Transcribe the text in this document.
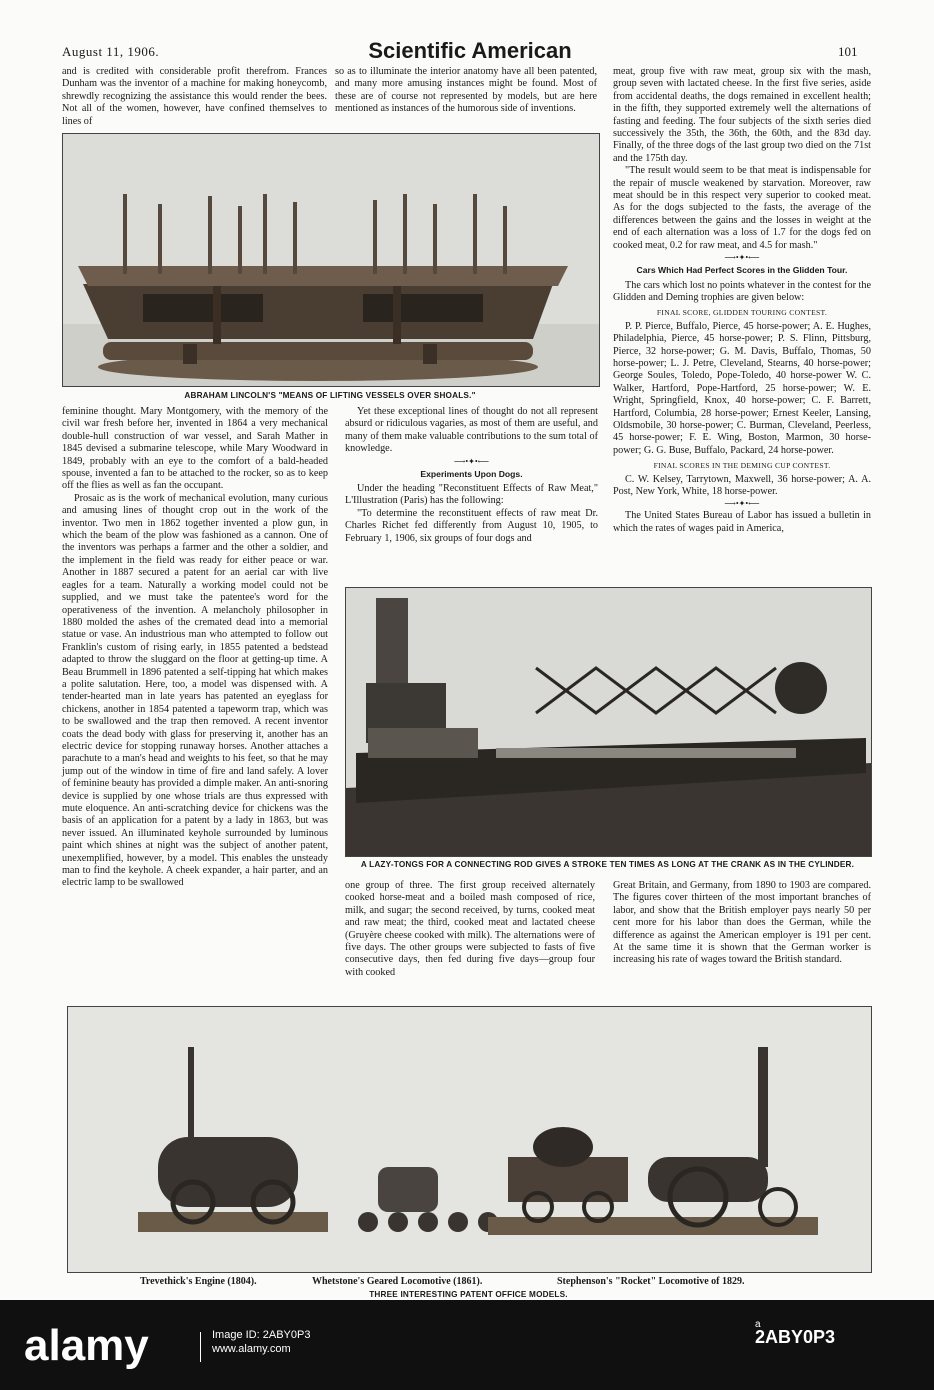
August 11, 1906.	Scientific American	101

and is credited with considerable profit therefrom. Frances Dunham was the inventor of a machine for making honeycomb, shrewdly recognizing the assistance this would render the bees. Not all of the women, however, have confined themselves to lines of

so as to illuminate the interior anatomy have all been patented, and many more amusing instances might be found. Most of these are of course not represented by models, but are here mentioned as instances of the humorous side of inventions.

ABRAHAM LINCOLN'S "MEANS OF LIFTING VESSELS OVER SHOALS."

feminine thought. Mary Montgomery, with the memory of the civil war fresh before her, invented in 1864 a very mechanical double-hull construction of war vessel, and Sarah Mather in 1845 devised a submarine telescope, while Mary Woodward in 1849, probably with an eye to the comfort of a bald-headed spouse, invented a fan to be attached to the rocker, so as to keep off the flies as well as fan the occupant.

Prosaic as is the work of mechanical evolution, many curious and amusing lines of thought crop out in the work of the inventor. Two men in 1862 together invented a plow gun, in which the beam of the plow was fashioned as a cannon. One of the inventors was perhaps a farmer and the other a soldier, and the implement in the field was ready for either peace or war. Another in 1887 secured a patent for an aerial car with live eagles for a team. Naturally a working model could not be supplied, and we must take the patentee's word for the operativeness of the invention. A melancholy philosopher in 1880 molded the ashes of the cremated dead into a memorial statue or vase. An industrious man who attempted to follow out Franklin's custom of rising early, in 1855 patented a bedstead adapted to throw the sluggard on the floor at getting-up time. A Beau Brummell in 1896 patented a self-tipping hat which makes a polite salutation. Here, too, a model was dispensed with. A tender-hearted man in late years has patented an eyeglass for chickens, another in 1854 patented a tapeworm trap, which was to be swallowed and the trap then removed. A recent inventor coats the dead body with glass for preserving it, another has an electric device for stopping runaway horses. Another attaches a parachute to a man's head and weights to his feet, so that he may jump out of the window in time of fire and land safely. A lover of feminine beauty has provided a dimple maker. An anti-snoring device is supplied by one whose trials are thus expressed with mute eloquence. An anti-scratching device for chickens was the basis of an application for a patent by a lady in 1863, but was never issued. An illuminated keyhole surrounded by luminous paint which shines at night was the subject of another patent, unexemplified, however, by a model. This enables the unsteady man to find the keyhole. A cheek expander, a hair parter, and an electric lamp to be swallowed

Yet these exceptional lines of thought do not all represent absurd or ridiculous vagaries, as most of them are useful, and many of them make valuable contributions to the sum total of knowledge.

⟶•✦•⟵
Experiments Upon Dogs.

Under the heading "Reconstituent Effects of Raw Meat," L'Illustration (Paris) has the following:

"To determine the reconstituent effects of raw meat Dr. Charles Richet fed differently from August 10, 1905, to February 1, 1906, six groups of four dogs and

meat, group five with raw meat, group six with the mash, group seven with lactated cheese. In the first five series, aside from accidental deaths, the dogs remained in excellent health; in the fifth, they supported extremely well the alternations of fasting and feeding. The four subjects of the sixth series died successively the 35th, the 36th, the 60th, and the 83d day. Finally, of the three dogs of the last group two died on the 71st and the 175th day.

"The result would seem to be that meat is indispensable for the repair of muscle weakened by starvation. Moreover, raw meat should be in this respect very superior to cooked meat. As for the dogs subjected to the fasts, the average of the differences between the gains and the losses in weight at the end of each alternation was a loss of 1.7 for the dogs fed on cooked meat, 0.2 for raw meat, and 4.5 for mash."

⟶•✦•⟵
Cars Which Had Perfect Scores in the Glidden Tour.

The cars which lost no points whatever in the contest for the Glidden and Deming trophies are given below:

FINAL SCORE, GLIDDEN TOURING CONTEST.

P. P. Pierce, Buffalo, Pierce, 45 horse-power; A. E. Hughes, Philadelphia, Pierce, 45 horse-power; P. S. Flinn, Pittsburg, Pierce, 32 horse-power; G. M. Davis, Buffalo, Thomas, 50 horse-power; L. J. Petre, Cleveland, Stearns, 40 horse-power; George Soules, Toledo, Pope-Toledo, 40 horse-power W. C. Walker, Hartford, Pope-Hartford, 25 horse-power; W. E. Wright, Springfield, Knox, 40 horse-power; C. F. Barrett, Hartford, Columbia, 28 horse-power; Ernest Keeler, Lansing, Oldsmobile, 30 horse-power; C. Burman, Cleveland, Peerless, 45 horse-power; F. E. Wing, Boston, Marmon, 30 horse-power; G. G. Buse, Buffalo, Packard, 24 horse-power.

FINAL SCORES IN THE DEMING CUP CONTEST.

C. W. Kelsey, Tarrytown, Maxwell, 36 horse-power; A. A. Post, New York, White, 18 horse-power.

⟶•✦•⟵

The United States Bureau of Labor has issued a bulletin in which the rates of wages paid in America,

A LAZY-TONGS FOR A CONNECTING ROD GIVES A STROKE TEN TIMES AS LONG AT THE CRANK AS IN THE CYLINDER.

one group of three. The first group received alternately cooked horse-meat and a boiled mash composed of rice, milk, and sugar; the second received, by turns, cooked meat and raw meat; the third, cooked meat and lactated cheese (Gruyère cheese cooked with milk). The alternations were of five days. The other groups were subjected to fasts of five consecutive days, then fed during five days—group four with cooked

Great Britain, and Germany, from 1890 to 1903 are compared. The figures cover thirteen of the most important branches of labor, and show that the British employer pays nearly 50 per cent more for his labor than does the German, while the difference as against the American employer is 191 per cent. At the same time it is shown that the German worker is increasing his rate of wages toward the British standard.

Trevethick's Engine (1804).	Whetstone's Geared Locomotive (1861).	Stephenson's "Rocket" Locomotive of 1829.
THREE INTERESTING PATENT OFFICE MODELS.
alamy	Image ID: 2ABY0P3
www.alamy.com
a
2ABY0P3
